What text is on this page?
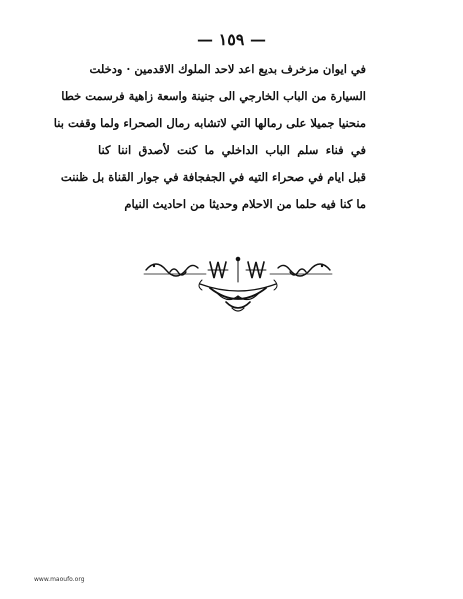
— ١٥٩ —
في ايوان مزخرف بديع اعد لاحد الملوك الاقدمين · ودخلت
السيارة من الباب الخارجي الى جنينة واسعة زاهية فرسمت خطا
منحنيا جميلا على رمالها التي لاتشابه رمال الصحراء ولما وقفت بنا
في فناء سلم الباب الداخلي ما كنت لأصدق اننا كنا
قبل ايام في صحراء التيه في الجفجافة في جوار القناة بل ظننت
ما كنا فيه حلما من الاحلام وحديثا من احاديث النيام
www.maoufo.org
